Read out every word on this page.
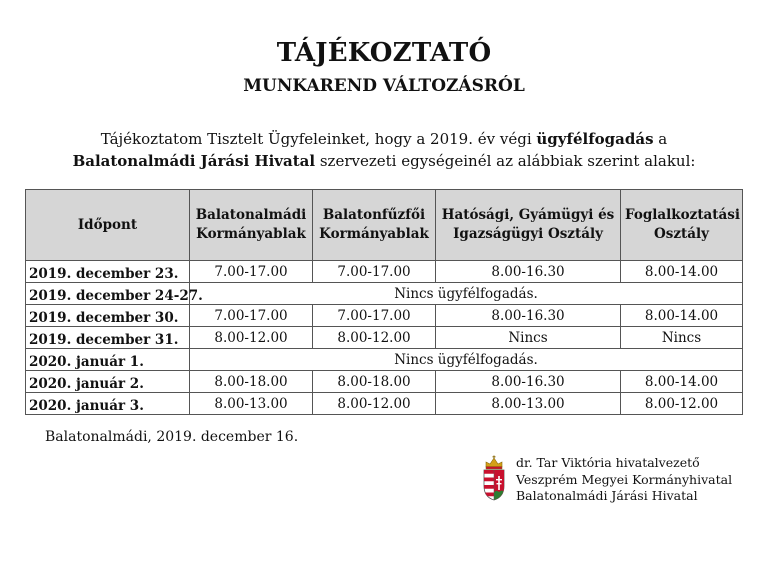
TÁJÉKOZTATÓ
MUNKAREND VÁLTOZÁSRÓL
Tájékoztatom Tisztelt Ügyfeleinket, hogy a 2019. év végi ügyfélfogadás a
Balatonalmádi Járási Hivatal szervezeti egységeinél az alábbiak szerint alakul:
Időpont	Balatonalmádi Kormányablak	Balatonfűzfői Kormányablak	Hatósági, Gyámügyi és Igazságügyi Osztály	Foglalkoztatási Osztály
2019. december 23.	7.00-17.00	7.00-17.00	8.00-16.30	8.00-14.00
2019. december 24-27.	Nincs ügyfélfogadás.			
2019. december 30.	7.00-17.00	7.00-17.00	8.00-16.30	8.00-14.00
2019. december 31.	8.00-12.00	8.00-12.00	Nincs	Nincs
2020. január 1.	Nincs ügyfélfogadás.			
2020. január 2.	8.00-18.00	8.00-18.00	8.00-16.30	8.00-14.00
2020. január 3.	8.00-13.00	8.00-12.00	8.00-13.00	8.00-12.00
Balatonalmádi, 2019. december 16.
dr. Tar Viktória hivatalvezető
Veszprém Megyei Kormányhivatal
Balatonalmádi Járási Hivatal
